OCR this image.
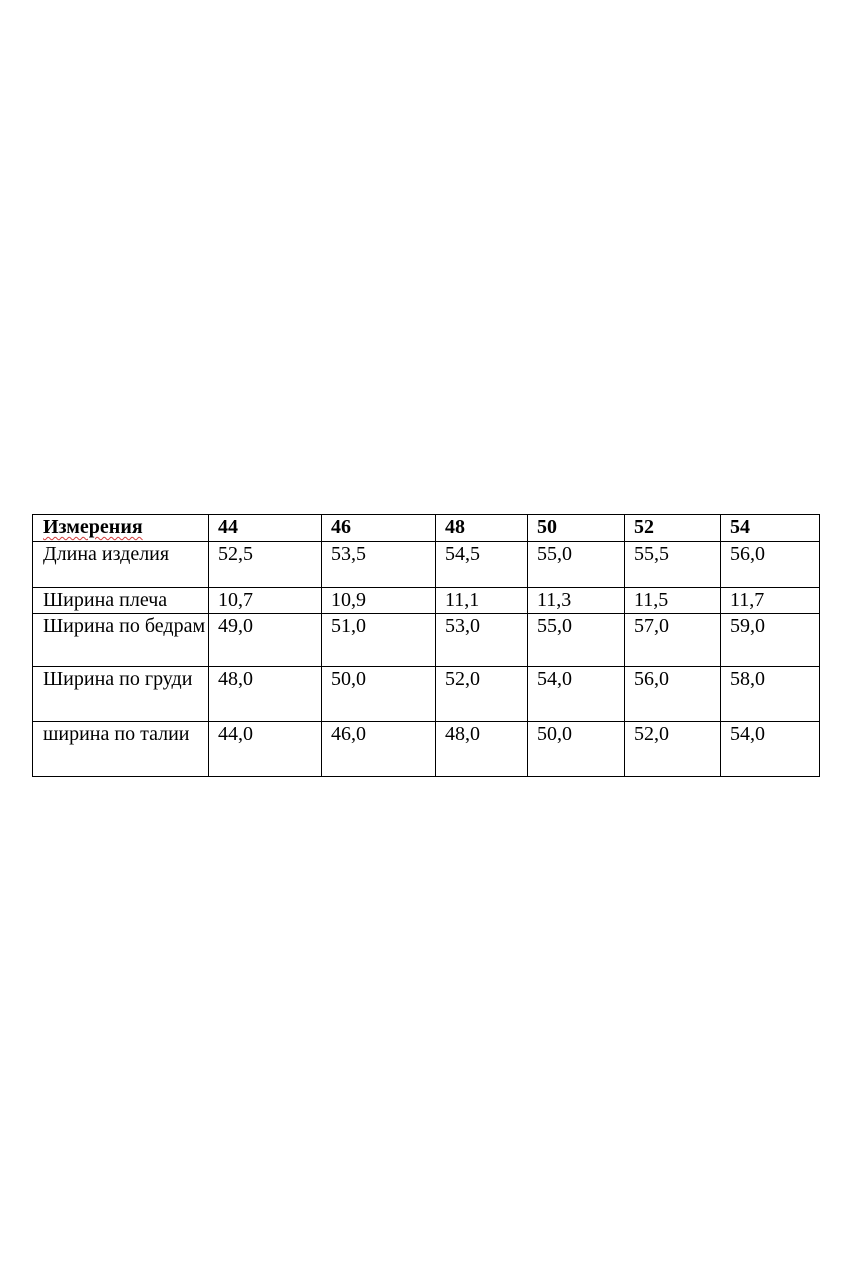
Измерения	44	46	48	50	52	54
Длина изделия	52,5	53,5	54,5	55,0	55,5	56,0
Ширина плеча	10,7	10,9	11,1	11,3	11,5	11,7
Ширина по бедрам	49,0	51,0	53,0	55,0	57,0	59,0
Ширина по груди	48,0	50,0	52,0	54,0	56,0	58,0
ширина по талии	44,0	46,0	48,0	50,0	52,0	54,0
